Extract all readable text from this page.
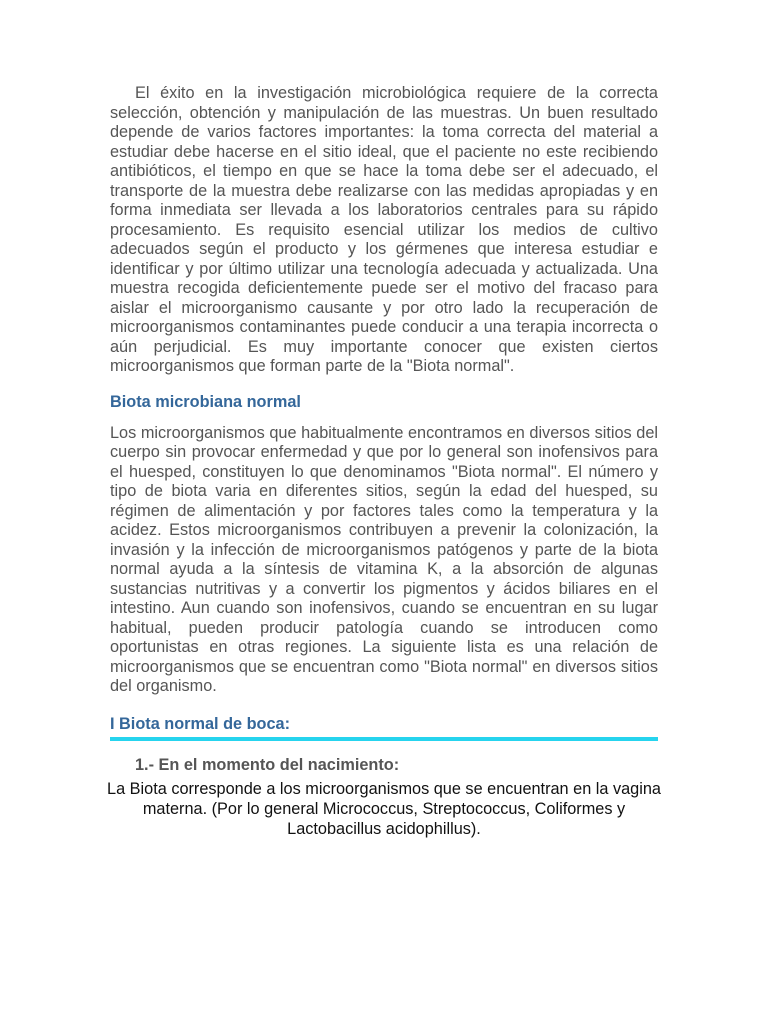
El éxito en la investigación microbiológica requiere de la correcta selección, obtención y manipulación de las muestras. Un buen resultado depende de varios factores importantes: la toma correcta del material a estudiar debe hacerse en el sitio ideal, que el paciente no este recibiendo antibióticos, el tiempo en que se hace la toma debe ser el adecuado, el transporte de la muestra debe realizarse con las medidas apropiadas y en forma inmediata ser llevada a los laboratorios centrales para su rápido procesamiento. Es requisito esencial utilizar los medios de cultivo adecuados según el producto y los gérmenes que interesa estudiar e identificar y por último utilizar una tecnología adecuada y actualizada. Una muestra recogida deficientemente puede ser el motivo del fracaso para aislar el microorganismo causante y por otro lado la recuperación de microorganismos contaminantes puede conducir a una terapia incorrecta o aún perjudicial. Es muy importante conocer que existen ciertos microorganismos que forman parte de la "Biota normal".

Biota microbiana normal

Los microorganismos que habitualmente encontramos en diversos sitios del cuerpo sin provocar enfermedad y que por lo general son inofensivos para el huesped, constituyen lo que denominamos "Biota normal". El número y tipo de biota varia en diferentes sitios, según la edad del huesped, su régimen de alimentación y por factores tales como la temperatura y la acidez. Estos microorganismos contribuyen a prevenir la colonización, la invasión y la infección de microorganismos patógenos y parte de la biota normal ayuda a la síntesis de vitamina K, a la absorción de algunas sustancias nutritivas y a convertir los pigmentos y ácidos biliares en el intestino. Aun cuando son inofensivos, cuando se encuentran en su lugar habitual, pueden producir patología cuando se introducen como oportunistas en otras regiones. La siguiente lista es una relación de microorganismos que se encuentran como "Biota normal" en diversos sitios del organismo.

I Biota normal de boca:
1.- En el momento del nacimiento:

La Biota corresponde a los microorganismos que se encuentran en la vagina materna. (Por lo general Micrococcus, Streptococcus, Coliformes y Lactobacillus acidophillus).
